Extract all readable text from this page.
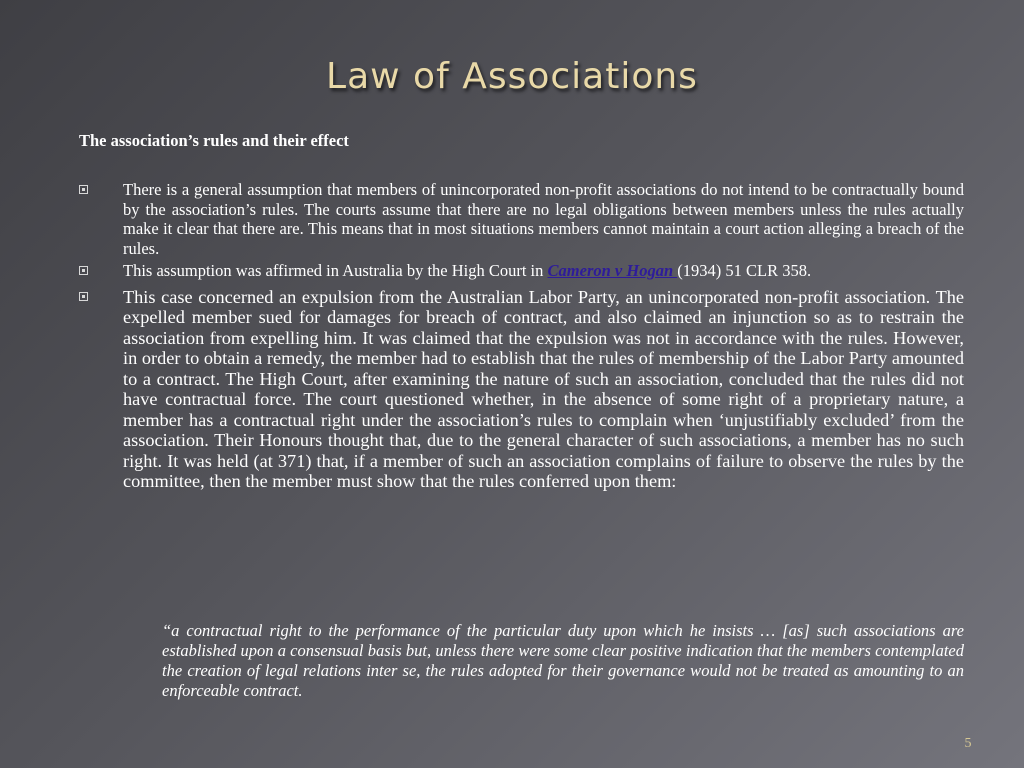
Law of Associations
The association’s rules and their effect
There is a general assumption that members of unincorporated non-profit associations do not intend to be contractually bound by the association’s rules. The courts assume that there are no legal obligations between members unless the rules actually make it clear that there are. This means that in most situations members cannot maintain a court action alleging a breach of the rules.
This assumption was affirmed in Australia by the High Court in Cameron v Hogan (1934) 51 CLR 358.
This case concerned an expulsion from the Australian Labor Party, an unincorporated non-profit association. The expelled member sued for damages for breach of contract, and also claimed an injunction so as to restrain the association from expelling him. It was claimed that the expulsion was not in accordance with the rules. However, in order to obtain a remedy, the member had to establish that the rules of membership of the Labor Party amounted to a contract. The High Court, after examining the nature of such an association, concluded that the rules did not have contractual force. The court questioned whether, in the absence of some right of a proprietary nature, a member has a contractual right under the association’s rules to complain when ‘unjustifiably excluded’ from the association. Their Honours thought that, due to the general character of such associations, a member has no such right. It was held (at 371) that, if a member of such an association complains of failure to observe the rules by the committee, then the member must show that the rules conferred upon them:
“a contractual right to the performance of the particular duty upon which he insists … [as] such associations are established upon a consensual basis but, unless there were some clear positive indication that the members contemplated the creation of legal relations inter se, the rules adopted for their governance would not be treated as amounting to an enforceable contract.
5
